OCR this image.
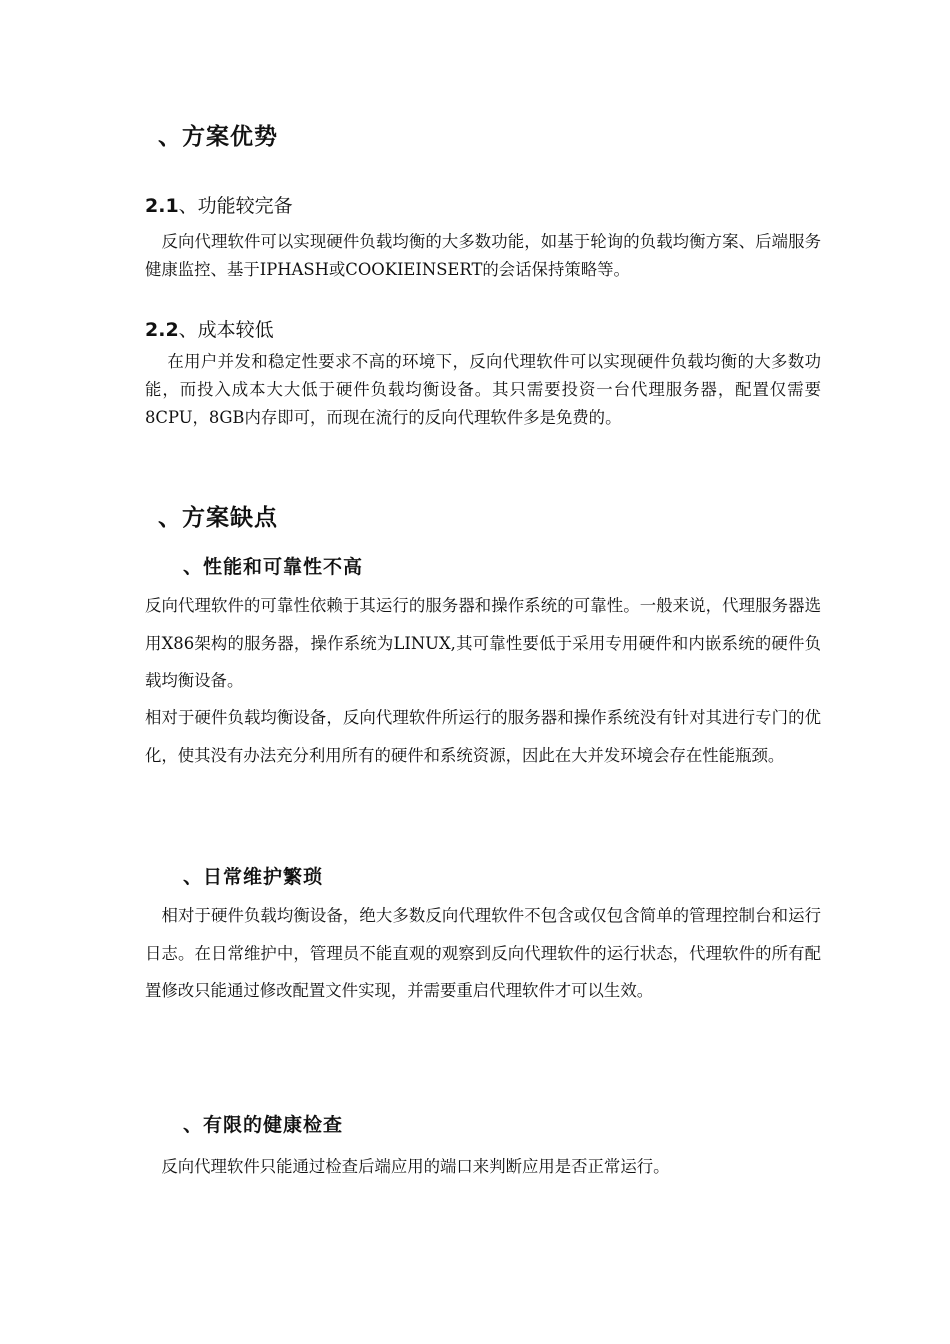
、方案优势
2.1、功能较完备

　反向代理软件可以实现硬件负载均衡的大多数功能，如基于轮询的负载均衡方案、后端服务健康监控、基于IPHASH或COOKIEINSERT的会话保持策略等。

2.2、成本较低

　 在用户并发和稳定性要求不高的环境下，反向代理软件可以实现硬件负载均衡的大多数功能，而投入成本大大低于硬件负载均衡设备。其只需要投资一台代理服务器，配置仅需要8CPU，8GB内存即可，而现在流行的反向代理软件多是免费的。

、方案缺点
、性能和可靠性不高

反向代理软件的可靠性依赖于其运行的服务器和操作系统的可靠性。一般来说，代理服务器选用X86架构的服务器，操作系统为LINUX,其可靠性要低于采用专用硬件和内嵌系统的硬件负载均衡设备。

相对于硬件负载均衡设备，反向代理软件所运行的服务器和操作系统没有针对其进行专门的优化，使其没有办法充分利用所有的硬件和系统资源，因此在大并发环境会存在性能瓶颈。

、日常维护繁琐

　相对于硬件负载均衡设备，绝大多数反向代理软件不包含或仅包含简单的管理控制台和运行日志。在日常维护中，管理员不能直观的观察到反向代理软件的运行状态，代理软件的所有配置修改只能通过修改配置文件实现，并需要重启代理软件才可以生效。

、有限的健康检查

　反向代理软件只能通过检查后端应用的端口来判断应用是否正常运行。
